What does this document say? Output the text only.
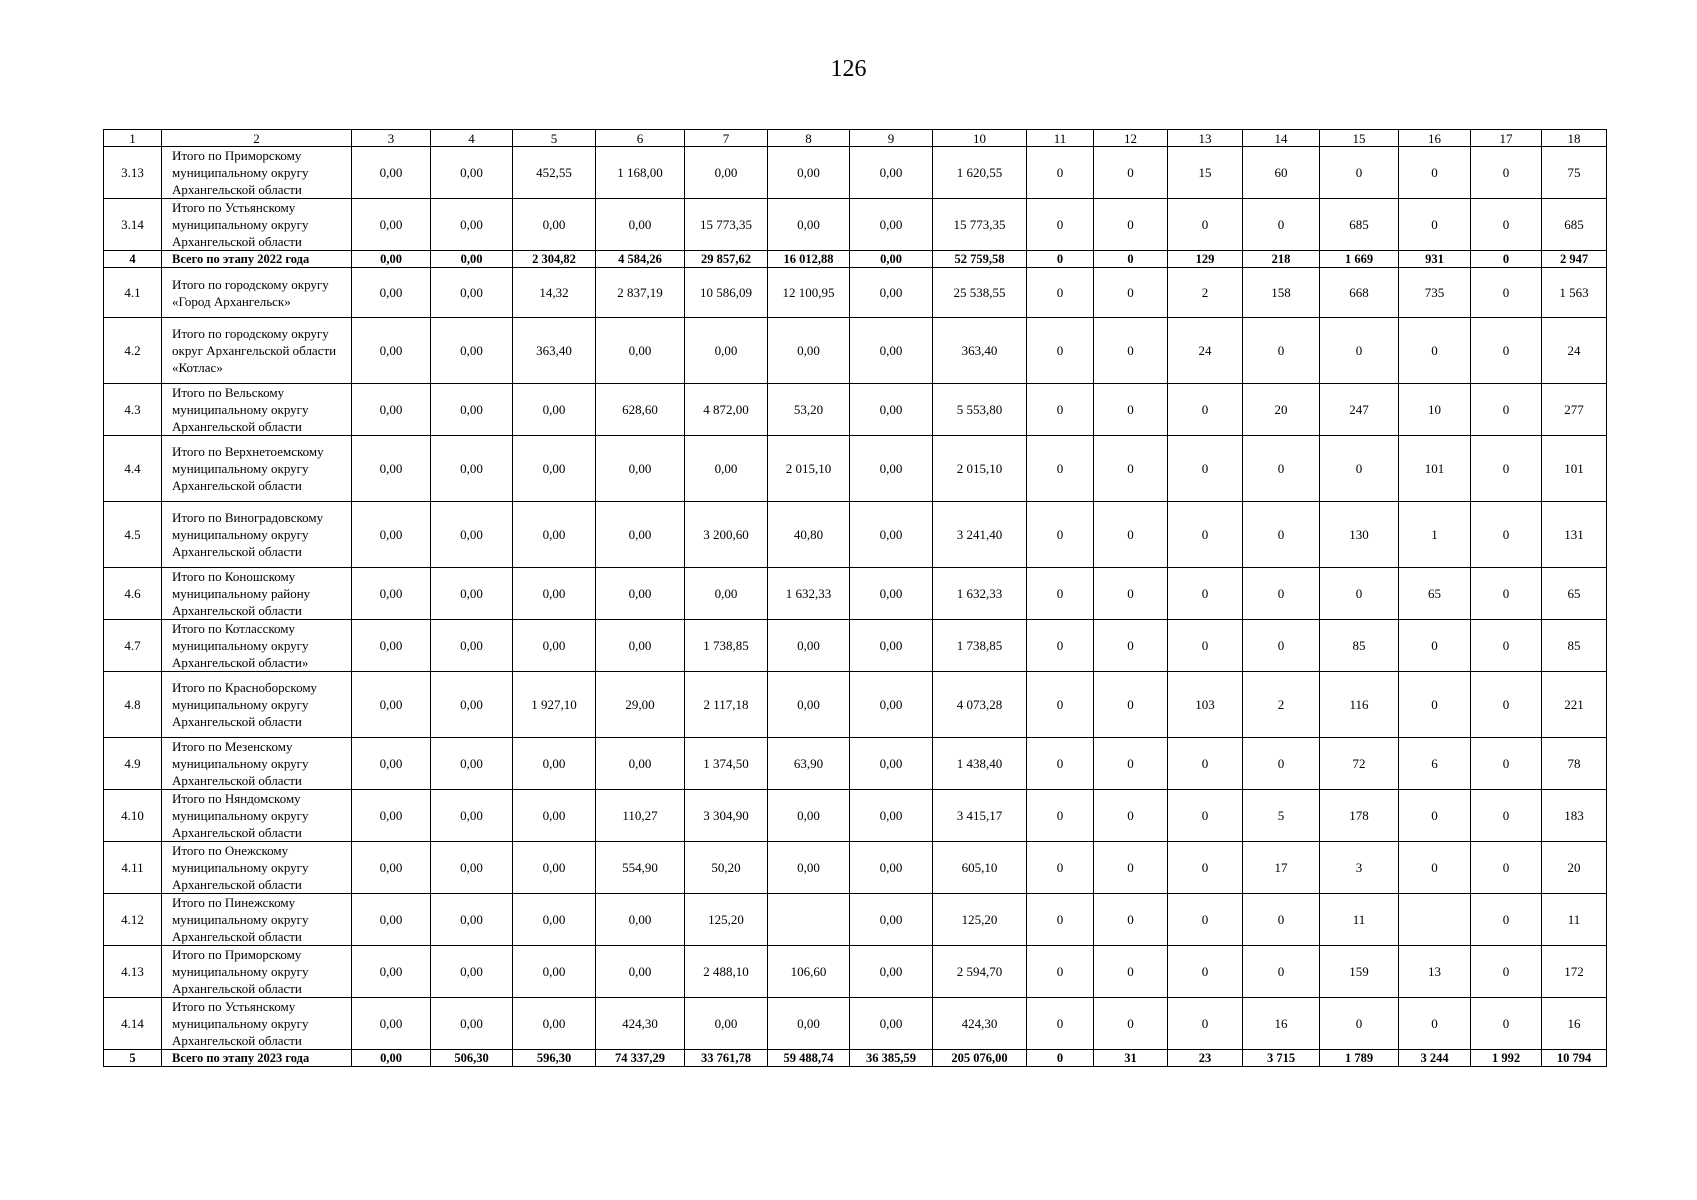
126
1	2	3	4	5	6	7	8	9	10	11	12	13	14	15	16	17	18
3.13	Итого по Приморскому муниципальному округу Архангельской области	0,00	0,00	452,55	1 168,00	0,00	0,00	0,00	1 620,55	0	0	15	60	0	0	0	75
3.14	Итого по Устьянскому муниципальному округу Архангельской области	0,00	0,00	0,00	0,00	15 773,35	0,00	0,00	15 773,35	0	0	0	0	685	0	0	685
4	Всего по этапу 2022 года	0,00	0,00	2 304,82	4 584,26	29 857,62	16 012,88	0,00	52 759,58	0	0	129	218	1 669	931	0	2 947
4.1	Итого по городскому округу «Город Архангельск»	0,00	0,00	14,32	2 837,19	10 586,09	12 100,95	0,00	25 538,55	0	0	2	158	668	735	0	1 563
4.2	Итого по городскому округу округ Архангельской области «Котлас»	0,00	0,00	363,40	0,00	0,00	0,00	0,00	363,40	0	0	24	0	0	0	0	24
4.3	Итого по Вельскому муниципальному округу Архангельской области	0,00	0,00	0,00	628,60	4 872,00	53,20	0,00	5 553,80	0	0	0	20	247	10	0	277
4.4	Итого по Верхнетоемскому муниципальному округу Архангельской области	0,00	0,00	0,00	0,00	0,00	2 015,10	0,00	2 015,10	0	0	0	0	0	101	0	101
4.5	Итого по Виноградовскому муниципальному округу Архангельской области	0,00	0,00	0,00	0,00	3 200,60	40,80	0,00	3 241,40	0	0	0	0	130	1	0	131
4.6	Итого по Коношскому муниципальному району Архангельской области	0,00	0,00	0,00	0,00	0,00	1 632,33	0,00	1 632,33	0	0	0	0	0	65	0	65
4.7	Итого по Котласскому муниципальному округу Архангельской области»	0,00	0,00	0,00	0,00	1 738,85	0,00	0,00	1 738,85	0	0	0	0	85	0	0	85
4.8	Итого по Красноборскому муниципальному округу Архангельской области	0,00	0,00	1 927,10	29,00	2 117,18	0,00	0,00	4 073,28	0	0	103	2	116	0	0	221
4.9	Итого по Мезенскому муниципальному округу Архангельской области	0,00	0,00	0,00	0,00	1 374,50	63,90	0,00	1 438,40	0	0	0	0	72	6	0	78
4.10	Итого по Няндомскому муниципальному округу Архангельской области	0,00	0,00	0,00	110,27	3 304,90	0,00	0,00	3 415,17	0	0	0	5	178	0	0	183
4.11	Итого по Онежскому муниципальному округу Архангельской области	0,00	0,00	0,00	554,90	50,20	0,00	0,00	605,10	0	0	0	17	3	0	0	20
4.12	Итого по Пинежскому муниципальному округу Архангельской области	0,00	0,00	0,00	0,00	125,20		0,00	125,20	0	0	0	0	11		0	11
4.13	Итого по Приморскому муниципальному округу Архангельской области	0,00	0,00	0,00	0,00	2 488,10	106,60	0,00	2 594,70	0	0	0	0	159	13	0	172
4.14	Итого по Устьянскому муниципальному округу Архангельской области	0,00	0,00	0,00	424,30	0,00	0,00	0,00	424,30	0	0	0	16	0	0	0	16
5	Всего по этапу 2023 года	0,00	506,30	596,30	74 337,29	33 761,78	59 488,74	36 385,59	205 076,00	0	31	23	3 715	1 789	3 244	1 992	10 794
